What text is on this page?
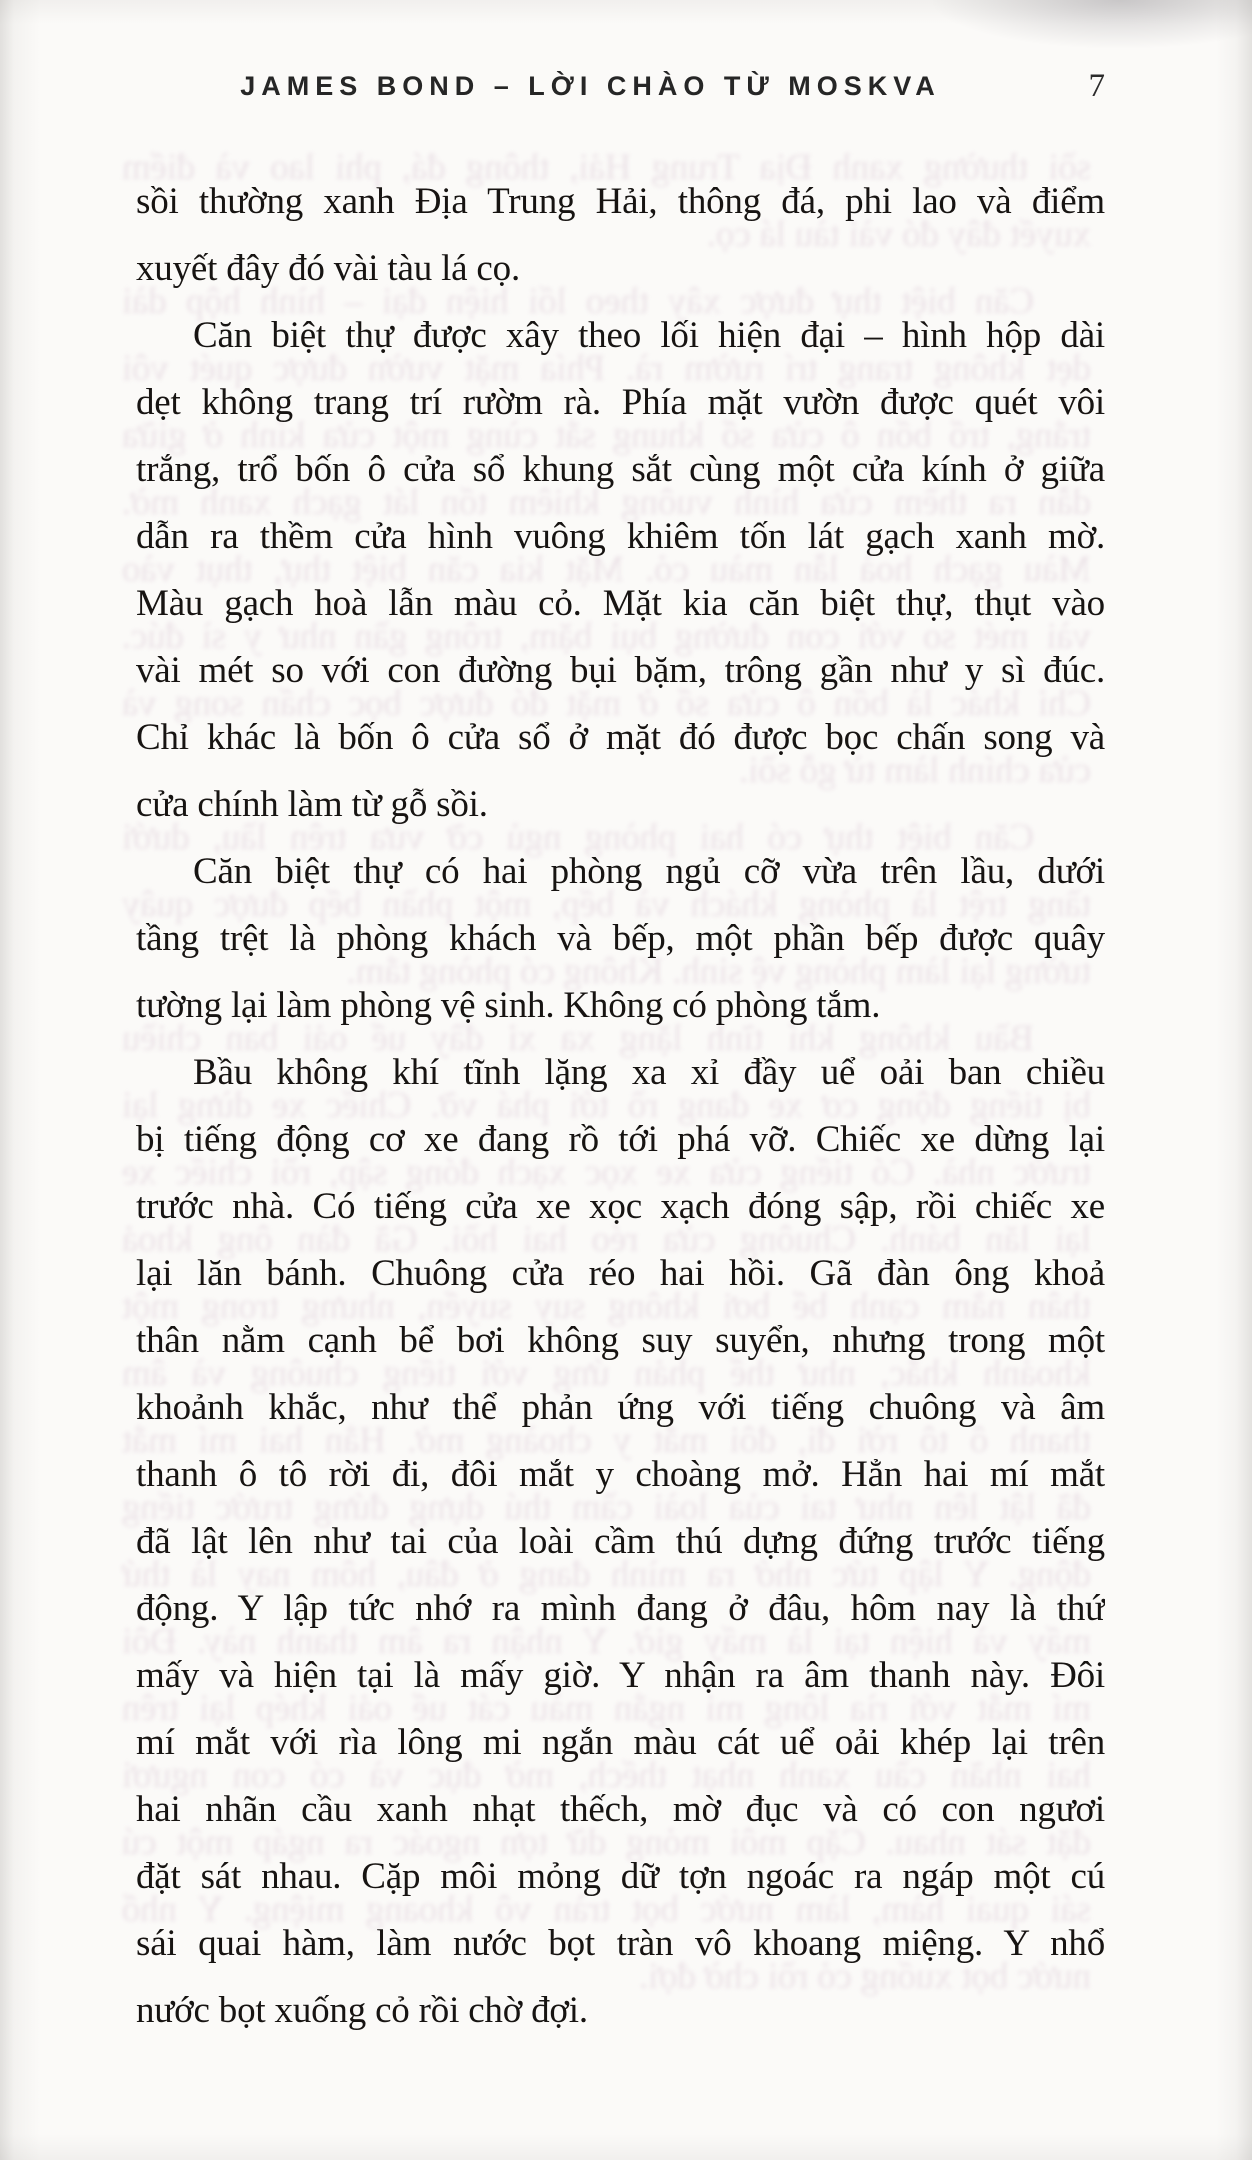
JAMES BOND – LỜI CHÀO TỪ MOSKVA	7
sồi thường xanh Địa Trung Hải, thông đá, phi lao và điểm
xuyết đây đó vài tàu lá cọ.
Căn biệt thự được xây theo lối hiện đại – hình hộp dài
dẹt không trang trí rườm rà. Phía mặt vườn được quét vôi
trắng, trổ bốn ô cửa sổ khung sắt cùng một cửa kính ở giữa
dẫn ra thềm cửa hình vuông khiêm tốn lát gạch xanh mờ.
Màu gạch hoà lẫn màu cỏ. Mặt kia căn biệt thự, thụt vào
vài mét so với con đường bụi bặm, trông gần như y sì đúc.
Chỉ khác là bốn ô cửa sổ ở mặt đó được bọc chấn song và
cửa chính làm từ gỗ sồi.
Căn biệt thự có hai phòng ngủ cỡ vừa trên lầu, dưới
tầng trệt là phòng khách và bếp, một phần bếp được quây
tường lại làm phòng vệ sinh. Không có phòng tắm.
Bầu không khí tĩnh lặng xa xỉ đầy uể oải ban chiều
bị tiếng động cơ xe đang rồ tới phá vỡ. Chiếc xe dừng lại
trước nhà. Có tiếng cửa xe xọc xạch đóng sập, rồi chiếc xe
lại lăn bánh. Chuông cửa réo hai hồi. Gã đàn ông khoả
thân nằm cạnh bể bơi không suy suyển, nhưng trong một
khoảnh khắc, như thể phản ứng với tiếng chuông và âm
thanh ô tô rời đi, đôi mắt y choàng mở. Hẳn hai mí mắt
đã lật lên như tai của loài cầm thú dựng đứng trước tiếng
động. Y lập tức nhớ ra mình đang ở đâu, hôm nay là thứ
mấy và hiện tại là mấy giờ. Y nhận ra âm thanh này. Đôi
mí mắt với rìa lông mi ngắn màu cát uể oải khép lại trên
hai nhãn cầu xanh nhạt thếch, mờ đục và có con ngươi
đặt sát nhau. Cặp môi mỏng dữ tợn ngoác ra ngáp một cú
sái quai hàm, làm nước bọt tràn vô khoang miệng. Y nhổ
nước bọt xuống cỏ rồi chờ đợi.
sồi thường xanh Địa Trung Hải, thông đá, phi lao và điểm
xuyết đây đó vài tàu lá cọ.
Căn biệt thự được xây theo lối hiện đại – hình hộp dài
dẹt không trang trí rườm rà. Phía mặt vườn được quét vôi
trắng, trổ bốn ô cửa sổ khung sắt cùng một cửa kính ở giữa
dẫn ra thềm cửa hình vuông khiêm tốn lát gạch xanh mờ.
Màu gạch hoà lẫn màu cỏ. Mặt kia căn biệt thự, thụt vào
vài mét so với con đường bụi bặm, trông gần như y sì đúc.
Chỉ khác là bốn ô cửa sổ ở mặt đó được bọc chấn song và
cửa chính làm từ gỗ sồi.
Căn biệt thự có hai phòng ngủ cỡ vừa trên lầu, dưới
tầng trệt là phòng khách và bếp, một phần bếp được quây
tường lại làm phòng vệ sinh. Không có phòng tắm.
Bầu không khí tĩnh lặng xa xỉ đầy uể oải ban chiều
bị tiếng động cơ xe đang rồ tới phá vỡ. Chiếc xe dừng lại
trước nhà. Có tiếng cửa xe xọc xạch đóng sập, rồi chiếc xe
lại lăn bánh. Chuông cửa réo hai hồi. Gã đàn ông khoả
thân nằm cạnh bể bơi không suy suyển, nhưng trong một
khoảnh khắc, như thể phản ứng với tiếng chuông và âm
thanh ô tô rời đi, đôi mắt y choàng mở. Hẳn hai mí mắt
đã lật lên như tai của loài cầm thú dựng đứng trước tiếng
động. Y lập tức nhớ ra mình đang ở đâu, hôm nay là thứ
mấy và hiện tại là mấy giờ. Y nhận ra âm thanh này. Đôi
mí mắt với rìa lông mi ngắn màu cát uể oải khép lại trên
hai nhãn cầu xanh nhạt thếch, mờ đục và có con ngươi
đặt sát nhau. Cặp môi mỏng dữ tợn ngoác ra ngáp một cú
sái quai hàm, làm nước bọt tràn vô khoang miệng. Y nhổ
nước bọt xuống cỏ rồi chờ đợi.
